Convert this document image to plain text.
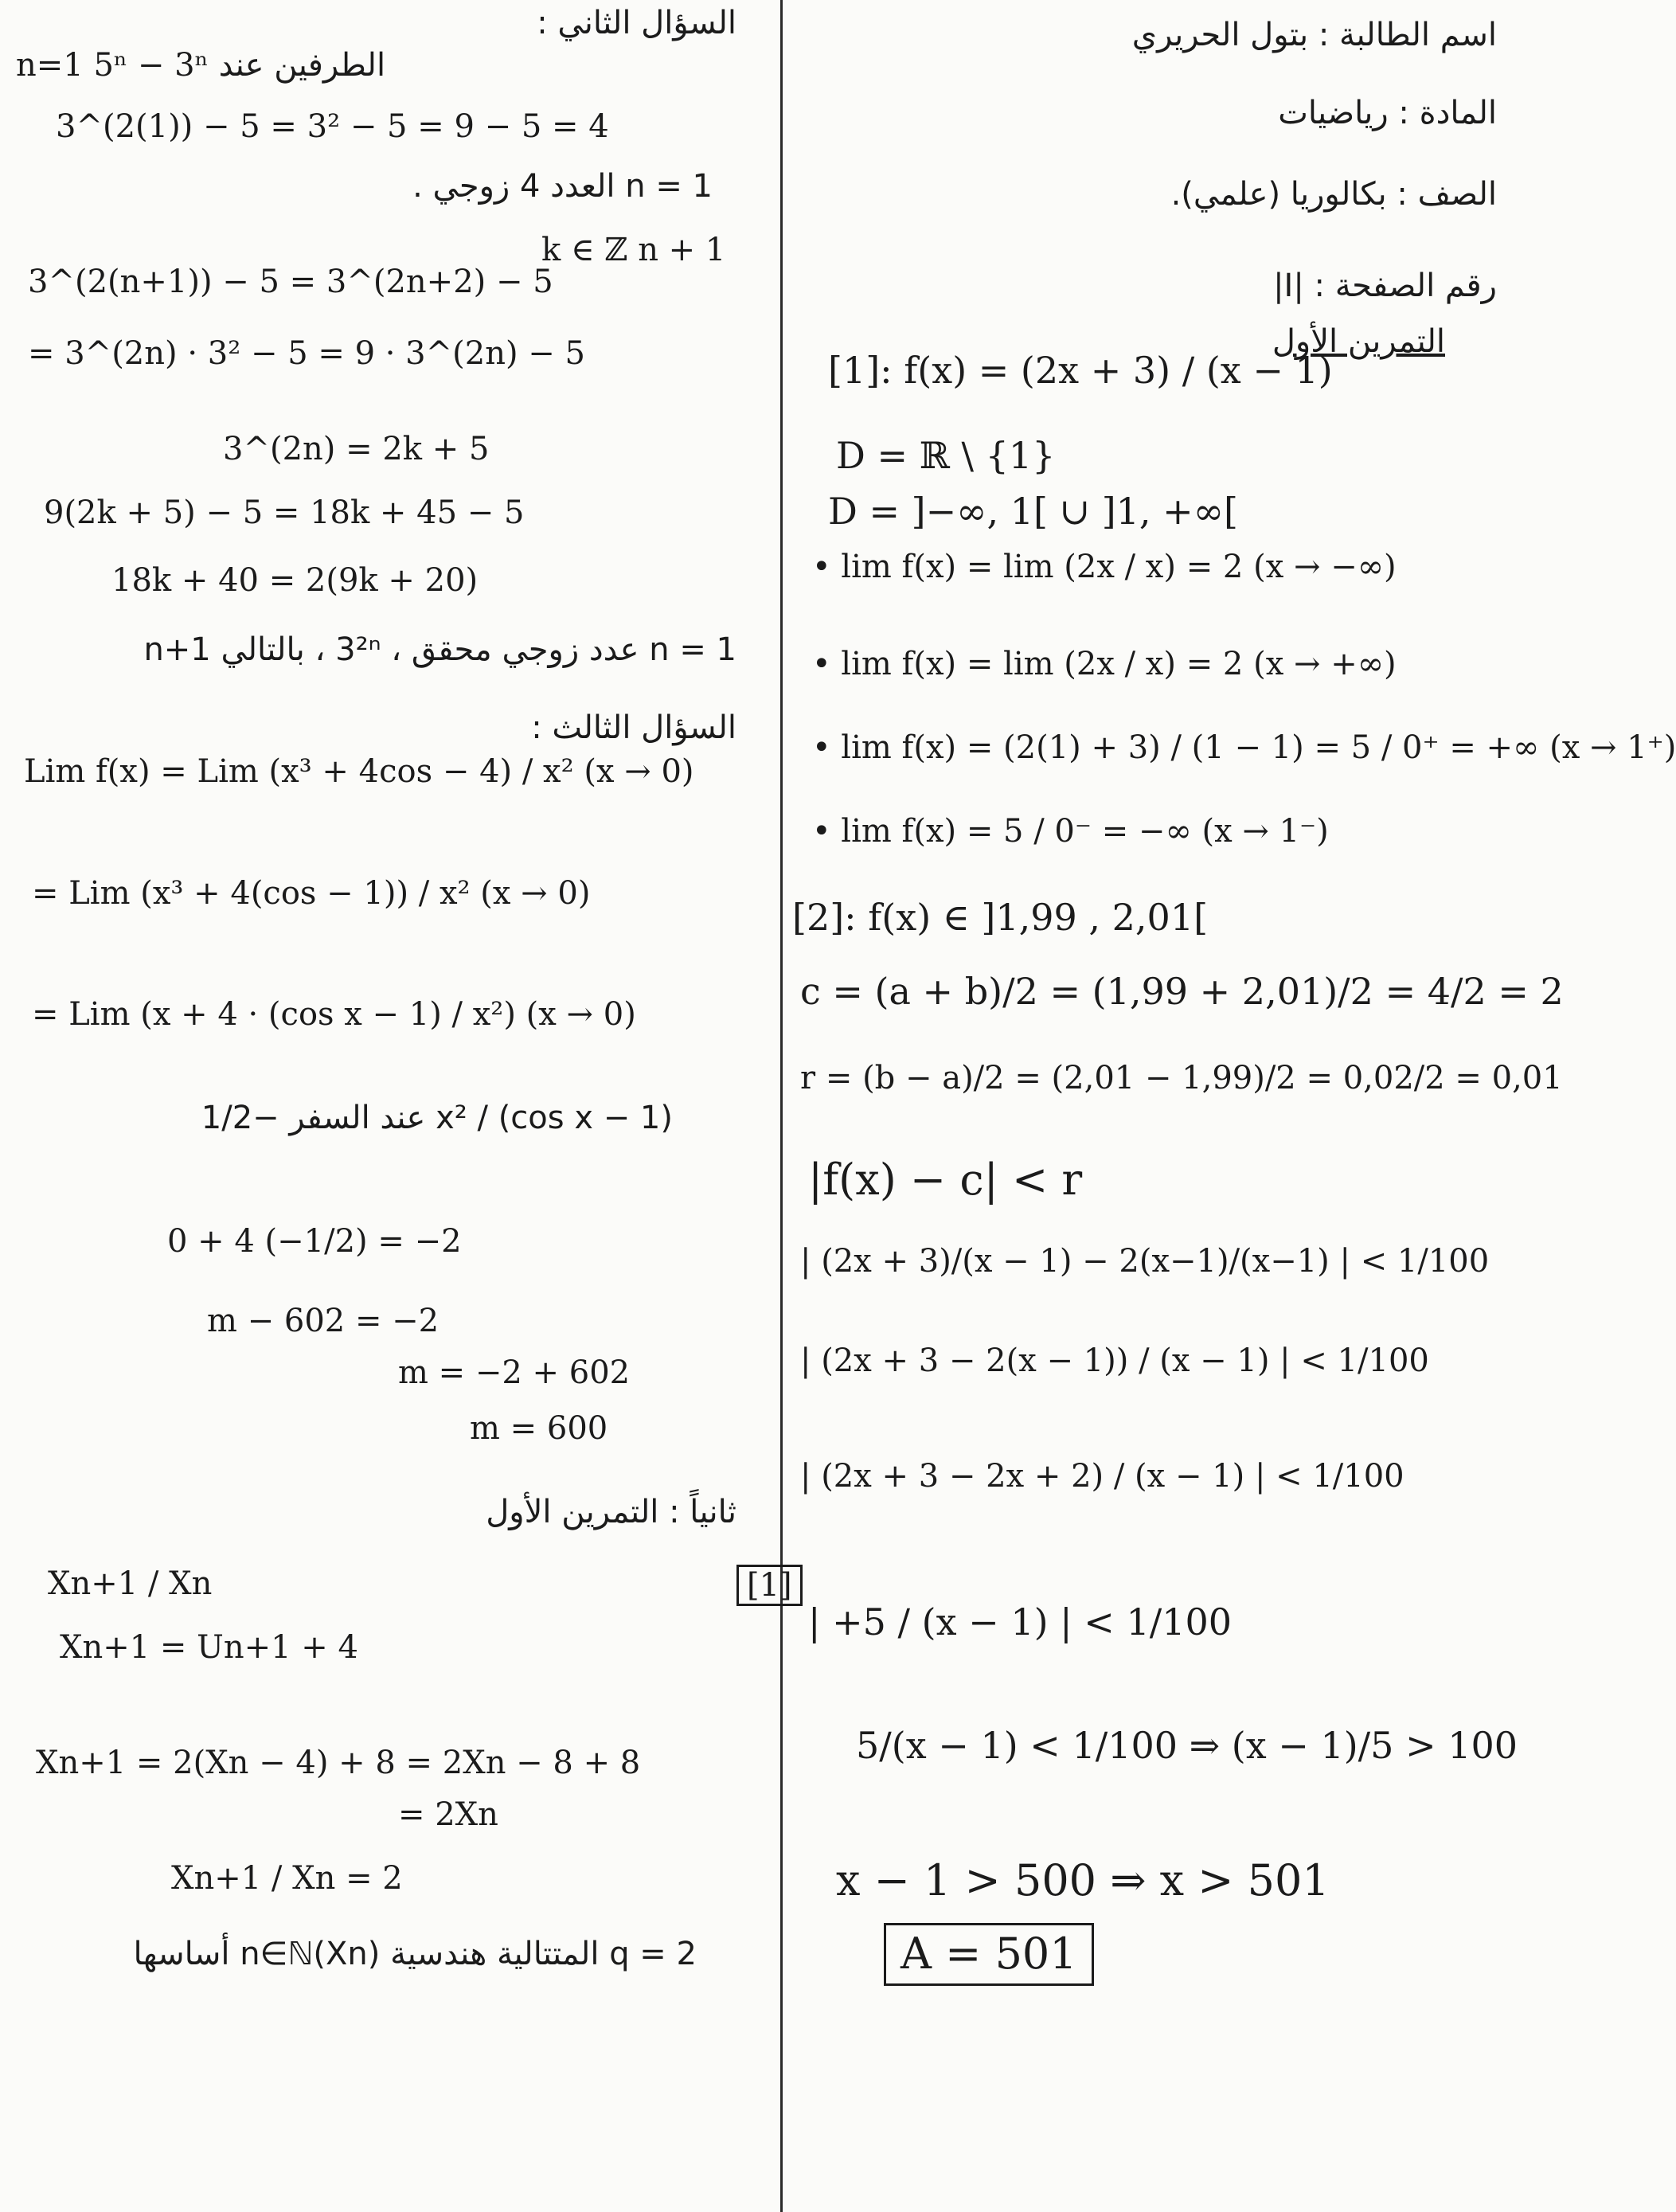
اسم الطالبة : بتول الحريري
المادة : رياضيات
الصف : بكالوريا (علمي).
رقم الصفحة : |I|
التمرين الأول
[1]: f(x) = (2x + 3) / (x − 1)
D = ℝ \ {1}
D = ]−∞, 1[ ∪ ]1, +∞[
• lim f(x) = lim (2x / x) = 2 (x → −∞)
• lim f(x) = lim (2x / x) = 2 (x → +∞)
• lim f(x) = (2(1) + 3) / (1 − 1) = 5 / 0⁺ = +∞ (x → 1⁺)
• lim f(x) = 5 / 0⁻ = −∞ (x → 1⁻)
[2]: f(x) ∈ ]1,99 , 2,01[
c = (a + b)/2 = (1,99 + 2,01)/2 = 4/2 = 2
r = (b − a)/2 = (2,01 − 1,99)/2 = 0,02/2 = 0,01
|f(x) − c| < r
| (2x + 3)/(x − 1) − 2(x−1)/(x−1) | < 1/100
| (2x + 3 − 2(x − 1)) / (x − 1) | < 1/100
| (2x + 3 − 2x + 2) / (x − 1) | < 1/100
| +5 / (x − 1) | < 1/100
5/(x − 1) < 1/100 ⇒ (x − 1)/5 > 100
x − 1 > 500 ⇒ x > 501
A = 501
السؤال الثاني :
n=1 5ⁿ − 3ⁿ الطرفين عند
3^(2(1)) − 5 = 3² − 5 = 9 − 5 = 4
n = 1 العدد 4 زوجي .
k ∈ ℤ n + 1
3^(2(n+1)) − 5 = 3^(2n+2) − 5
= 3^(2n) · 3² − 5 = 9 · 3^(2n) − 5
3^(2n) = 2k + 5
9(2k + 5) − 5 = 18k + 45 − 5
18k + 40 = 2(9k + 20)
n = 1 عدد زوجي محقق ، 3²ⁿ ، بالتالي n+1
السؤال الثالث :
Lim f(x) = Lim (x³ + 4cos − 4) / x² (x → 0)
= Lim (x³ + 4(cos − 1)) / x² (x → 0)
= Lim (x + 4 · (cos x − 1) / x²) (x → 0)
(cos x − 1) / x² عند السفر −1/2
0 + 4 (−1/2) = −2
m − 602 = −2
m = −2 + 602
m = 600
ثانياً : التمرين الأول
[1]
Xn+1 / Xn
Xn+1 = Un+1 + 4
Xn+1 = 2(Xn − 4) + 8 = 2Xn − 8 + 8
= 2Xn
Xn+1 / Xn = 2
q = 2 المتتالية هندسية (Xn)n∈ℕ أساسها
